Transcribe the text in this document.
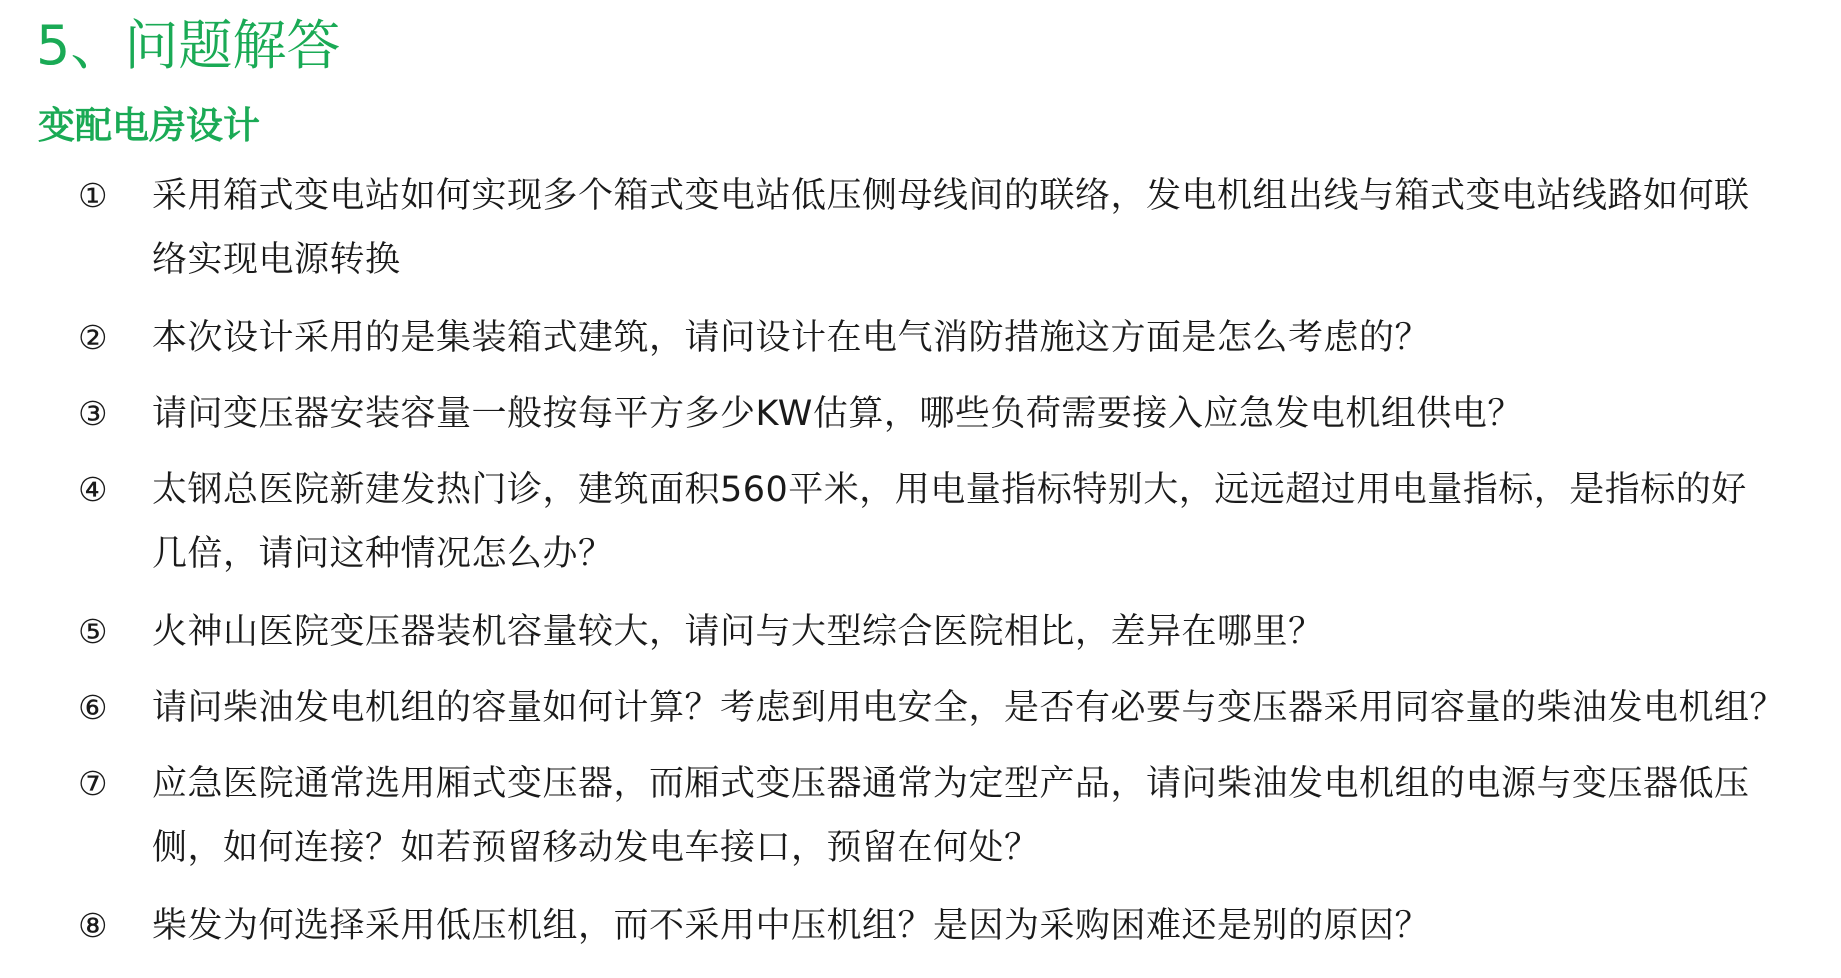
5、问题解答
变配电房设计
①	采用箱式变电站如何实现多个箱式变电站低压侧母线间的联络，发电机组出线与箱式变电站线路如何联
络实现电源转换
②	本次设计采用的是集装箱式建筑，请问设计在电气消防措施这方面是怎么考虑的？
③	请问变压器安装容量一般按每平方多少KW估算，哪些负荷需要接入应急发电机组供电？
④	太钢总医院新建发热门诊，建筑面积560平米，用电量指标特别大，远远超过用电量指标，是指标的好
几倍，请问这种情况怎么办？
⑤	火神山医院变压器装机容量较大，请问与大型综合医院相比，差异在哪里？
⑥	请问柴油发电机组的容量如何计算？考虑到用电安全，是否有必要与变压器采用同容量的柴油发电机组？
⑦	应急医院通常选用厢式变压器，而厢式变压器通常为定型产品，请问柴油发电机组的电源与变压器低压
侧，如何连接？如若预留移动发电车接口，预留在何处？
⑧	柴发为何选择采用低压机组，而不采用中压机组？是因为采购困难还是别的原因？
